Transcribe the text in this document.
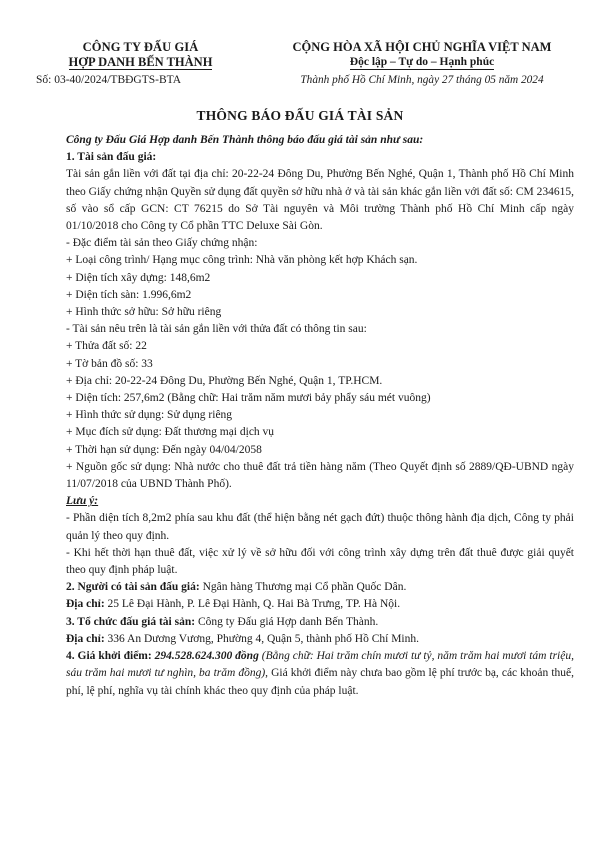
CÔNG TY ĐẤU GIÁ
HỢP DANH BẾN THÀNH
Số: 03-40/2024/TBĐGTS-BTA
CỘNG HÒA XÃ HỘI CHỦ NGHĨA VIỆT NAM
Độc lập – Tự do – Hạnh phúc
Thành phố Hồ Chí Minh, ngày 27 tháng 05 năm 2024
THÔNG BÁO ĐẤU GIÁ TÀI SẢN

Công ty Đấu Giá Hợp danh Bến Thành thông báo đấu giá tài sản như sau:

1. Tài sản đấu giá:

Tài sản gắn liền với đất tại địa chỉ: 20-22-24 Đông Du, Phường Bến Nghé, Quận 1, Thành phố Hồ Chí Minh theo Giấy chứng nhận Quyền sử dụng đất quyền sở hữu nhà ở và tài sản khác gắn liền với đất số: CM 234615, số vào sổ cấp GCN: CT 76215 do Sở Tài nguyên và Môi trường Thành phố Hồ Chí Minh cấp ngày 01/10/2018 cho Công ty Cổ phần TTC Deluxe Sài Gòn.

- Đặc điểm tài sản theo Giấy chứng nhận:

+ Loại công trình/ Hạng mục công trình: Nhà văn phòng kết hợp Khách sạn.

+ Diện tích xây dựng: 148,6m2

+ Diện tích sàn: 1.996,6m2

+ Hình thức sở hữu: Sở hữu riêng

- Tài sản nêu trên là tài sản gắn liền với thửa đất có thông tin sau:

+ Thửa đất số: 22

+ Tờ bản đồ số: 33

+ Địa chỉ: 20-22-24 Đông Du, Phường Bến Nghé, Quận 1, TP.HCM.

+ Diện tích: 257,6m2 (Bằng chữ: Hai trăm năm mươi bảy phẩy sáu mét vuông)

+ Hình thức sử dụng: Sử dụng riêng

+ Mục đích sử dụng: Đất thương mại dịch vụ

+ Thời hạn sử dụng: Đến ngày 04/04/2058

+ Nguồn gốc sử dụng: Nhà nước cho thuê đất trả tiền hàng năm (Theo Quyết định số 2889/QĐ-UBND ngày 11/07/2018 của UBND Thành Phố).

Lưu ý:

- Phần diện tích 8,2m2 phía sau khu đất (thể hiện bằng nét gạch đứt) thuộc thông hành địa dịch, Công ty phải quản lý theo quy định.

- Khi hết thời hạn thuê đất, việc xử lý về sở hữu đối với công trình xây dựng trên đất thuê được giải quyết theo quy định pháp luật.

2. Người có tài sản đấu giá: Ngân hàng Thương mại Cổ phần Quốc Dân.

Địa chỉ: 25 Lê Đại Hành, P. Lê Đại Hành, Q. Hai Bà Trưng, TP. Hà Nội.

3. Tổ chức đấu giá tài sản: Công ty Đấu giá Hợp danh Bến Thành.

Địa chỉ: 336 An Dương Vương, Phường 4, Quận 5, thành phố Hồ Chí Minh.

4. Giá khởi điểm: 294.528.624.300 đồng (Bằng chữ: Hai trăm chín mươi tư tỷ, năm trăm hai mươi tám triệu, sáu trăm hai mươi tư nghìn, ba trăm đồng), Giá khởi điểm này chưa bao gồm lệ phí trước bạ, các khoản thuế, phí, lệ phí, nghĩa vụ tài chính khác theo quy định của pháp luật.
